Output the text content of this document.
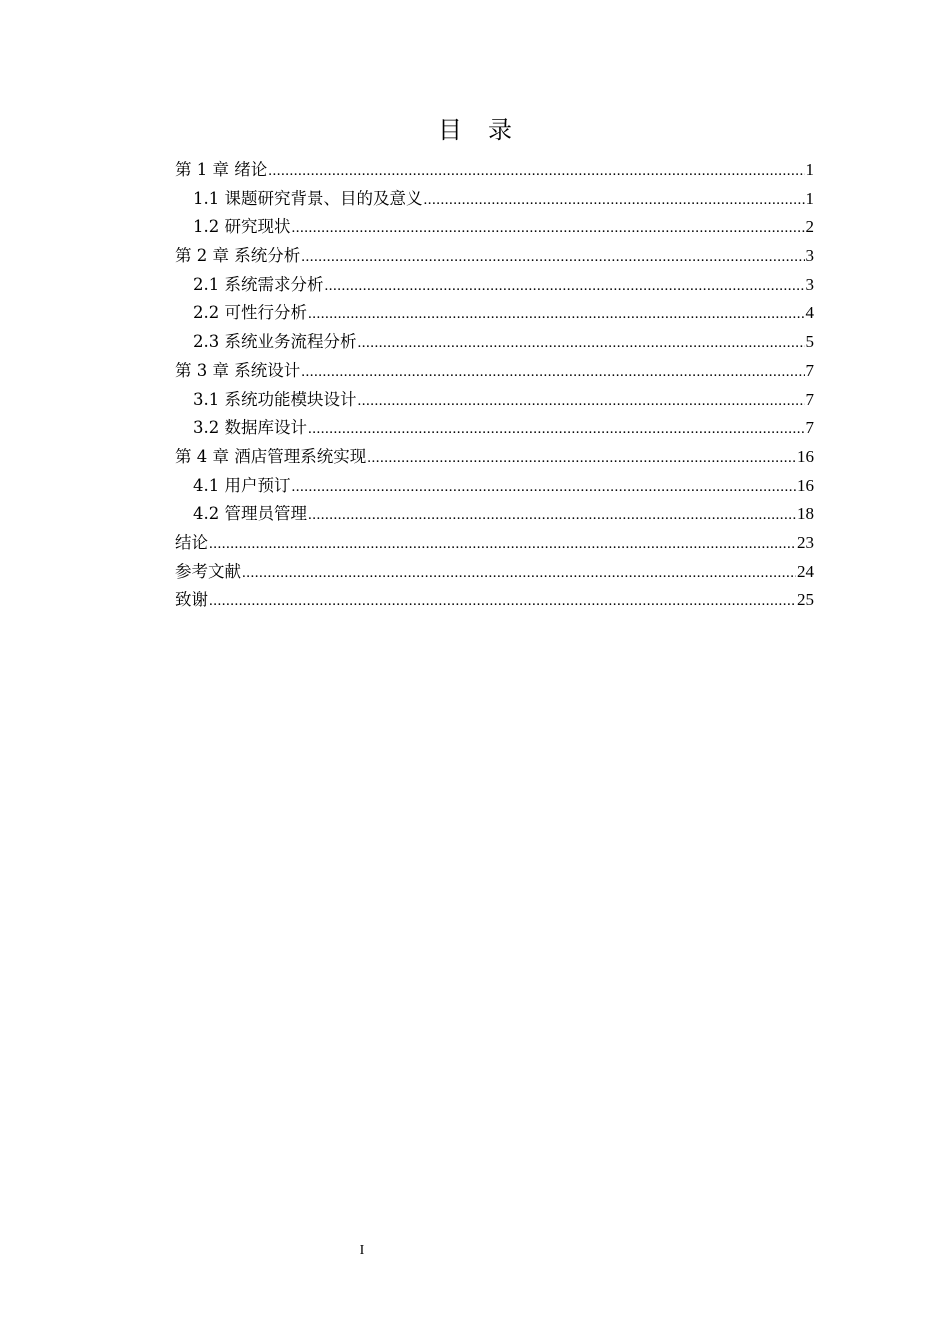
目录
第 1 章 绪论 .....	1
1.1 课题研究背景、目的及意义 .....	1
1.2 研究现状 .....	2
第 2 章 系统分析 .....	3
2.1 系统需求分析 .....	3
2.2 可性行分析 .....	4
2.3 系统业务流程分析 .....	5
第 3 章 系统设计 .....	7
3.1 系统功能模块设计 .....	7
3.2 数据库设计 .....	7
第 4 章 酒店管理系统实现 .....	16
4.1 用户预订 .....	16
4.2 管理员管理 .....	18
结论 .....	23
参考文献 .....	24
致谢 .....	25
I
